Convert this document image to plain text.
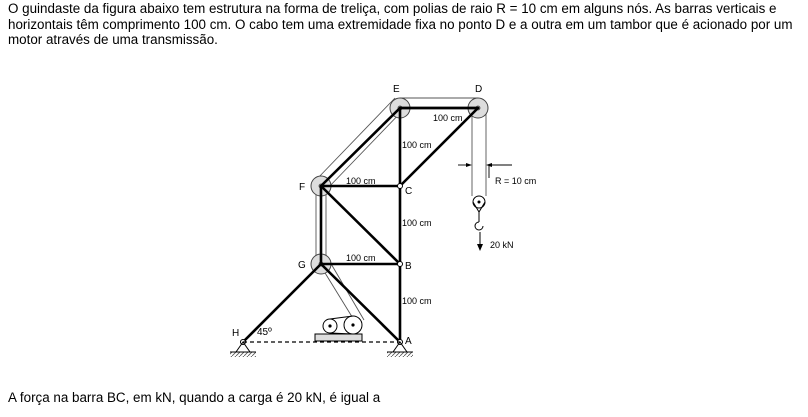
O guindaste da figura abaixo tem estrutura na forma de treliça, com polias de raio R = 10 cm em alguns nós. As barras verticais e horizontais têm comprimento 100 cm. O cabo tem uma extremidade fixa no ponto D e a outra em um tambor que é acionado por um motor através de uma transmissão.
E	D
F	C
G	B
H
A
100 cm
100 cm
100 cm
100 cm
100 cm
100 cm
45º
R = 10 cm
20 kN
A força na barra BC, em kN, quando a carga é 20 kN, é igual a
